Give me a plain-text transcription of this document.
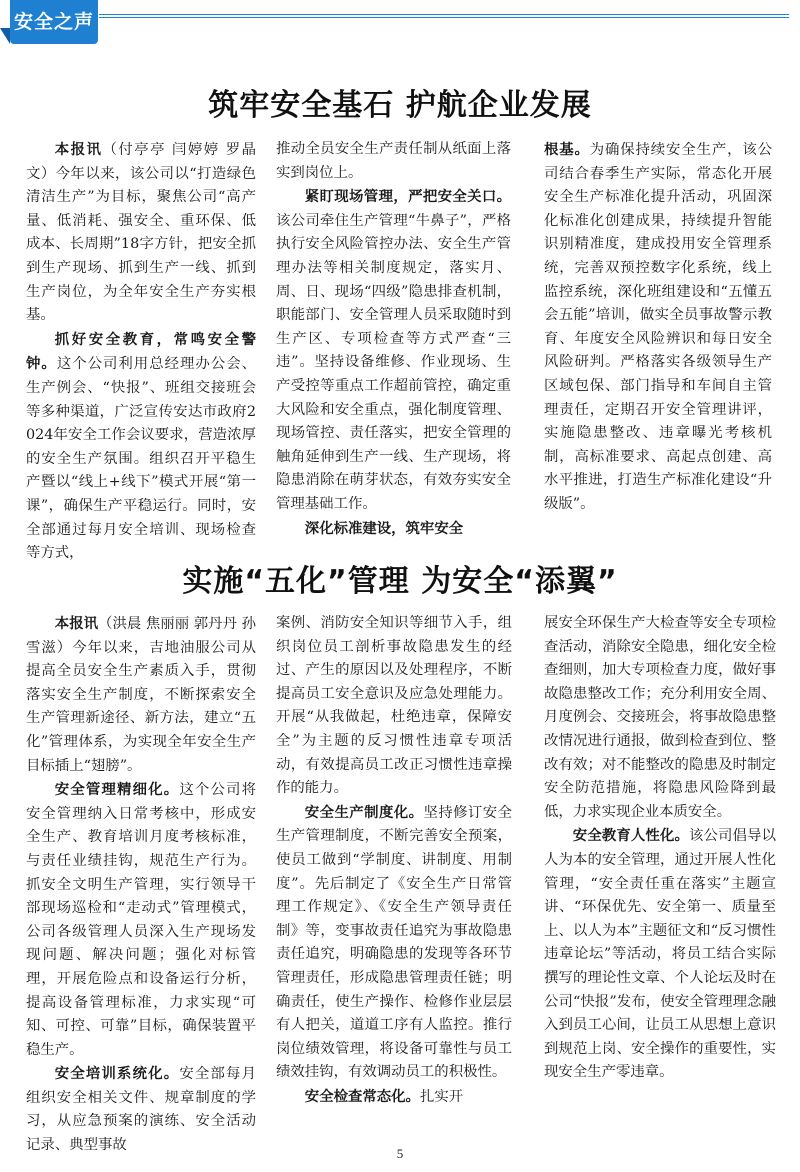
安全之声
筑牢安全基石 护航企业发展

本报讯（付亭亭 闫婷婷 罗晶文）今年以来，该公司以“打造绿色清洁生产”为目标，聚焦公司“高产量、低消耗、强安全、重环保、低成本、长周期”18字方针，把安全抓到生产现场、抓到生产一线、抓到生产岗位，为全年安全生产夯实根基。

抓好安全教育，常鸣安全警钟。这个公司利用总经理办公会、生产例会、“快报”、班组交接班会等多种渠道，广泛宣传安达市政府2024年安全工作会议要求，营造浓厚的安全生产氛围。组织召开平稳生产暨以“线上+线下”模式开展“第一课”，确保生产平稳运行。同时，安全部通过每月安全培训、现场检查等方式，

推动全员安全生产责任制从纸面上落实到岗位上。

紧盯现场管理，严把安全关口。该公司牵住生产管理“牛鼻子”，严格执行安全风险管控办法、安全生产管理办法等相关制度规定，落实月、周、日、现场“四级”隐患排查机制，职能部门、安全管理人员采取随时到生产区、专项检查等方式严查“三违”。坚持设备维修、作业现场、生产受控等重点工作超前管控，确定重大风险和安全重点，强化制度管理、现场管控、责任落实，把安全管理的触角延伸到生产一线、生产现场，将隐患消除在萌芽状态，有效夯实安全管理基础工作。

深化标准建设，筑牢安全

根基。为确保持续安全生产，该公司结合春季生产实际，常态化开展安全生产标准化提升活动，巩固深化标准化创建成果，持续提升智能识别精准度，建成投用安全管理系统，完善双预控数字化系统，线上监控系统，深化班组建设和“五懂五会五能”培训，做实全员事故警示教育、年度安全风险辨识和每日安全风险研判。严格落实各级领导生产区域包保、部门指导和车间自主管理责任，定期召开安全管理讲评，实施隐患整改、违章曝光考核机制，高标准要求、高起点创建、高水平推进，打造生产标准化建设“升级版”。

实施“五化”管理 为安全“添翼”

本报讯（洪晨 焦丽丽 郭丹丹 孙雪滋）今年以来，吉地油服公司从提高全员安全生产素质入手，贯彻落实安全生产制度，不断探索安全生产管理新途径、新方法，建立“五化”管理体系，为实现全年安全生产目标插上“翅膀”。

安全管理精细化。这个公司将安全管理纳入日常考核中，形成安全生产、教育培训月度考核标准，与责任业绩挂钩，规范生产行为。抓安全文明生产管理，实行领导干部现场巡检和“走动式”管理模式，公司各级管理人员深入生产现场发现问题、解决问题；强化对标管理，开展危险点和设备运行分析，提高设备管理标准，力求实现“可知、可控、可靠”目标，确保装置平稳生产。

安全培训系统化。安全部每月组织安全相关文件、规章制度的学习，从应急预案的演练、安全活动记录、典型事故

案例、消防安全知识等细节入手，组织岗位员工剖析事故隐患发生的经过、产生的原因以及处理程序，不断提高员工安全意识及应急处理能力。开展“从我做起，杜绝违章，保障安全”为主题的反习惯性违章专项活动，有效提高员工改正习惯性违章操作的能力。

安全生产制度化。坚持修订安全生产管理制度，不断完善安全预案，使员工做到“学制度、讲制度、用制度”。先后制定了《安全生产日常管理工作规定》、《安全生产领导责任制》等，变事故责任追究为事故隐患责任追究，明确隐患的发现等各环节管理责任，形成隐患管理责任链；明确责任，使生产操作、检修作业层层有人把关，道道工序有人监控。推行岗位绩效管理，将设备可靠性与员工绩效挂钩，有效调动员工的积极性。

安全检查常态化。扎实开

展安全环保生产大检查等安全专项检查活动，消除安全隐患，细化安全检查细则，加大专项检查力度，做好事故隐患整改工作；充分利用安全周、月度例会、交接班会，将事故隐患整改情况进行通报，做到检查到位、整改有效；对不能整改的隐患及时制定安全防范措施，将隐患风险降到最低，力求实现企业本质安全。

安全教育人性化。该公司倡导以人为本的安全管理，通过开展人性化管理，“安全责任重在落实”主题宣讲、“环保优先、安全第一、质量至上、以人为本”主题征文和“反习惯性违章论坛”等活动，将员工结合实际撰写的理论性文章、个人论坛及时在公司“快报”发布，使安全管理理念融入到员工心间，让员工从思想上意识到规范上岗、安全操作的重要性，实现安全生产零违章。

5
